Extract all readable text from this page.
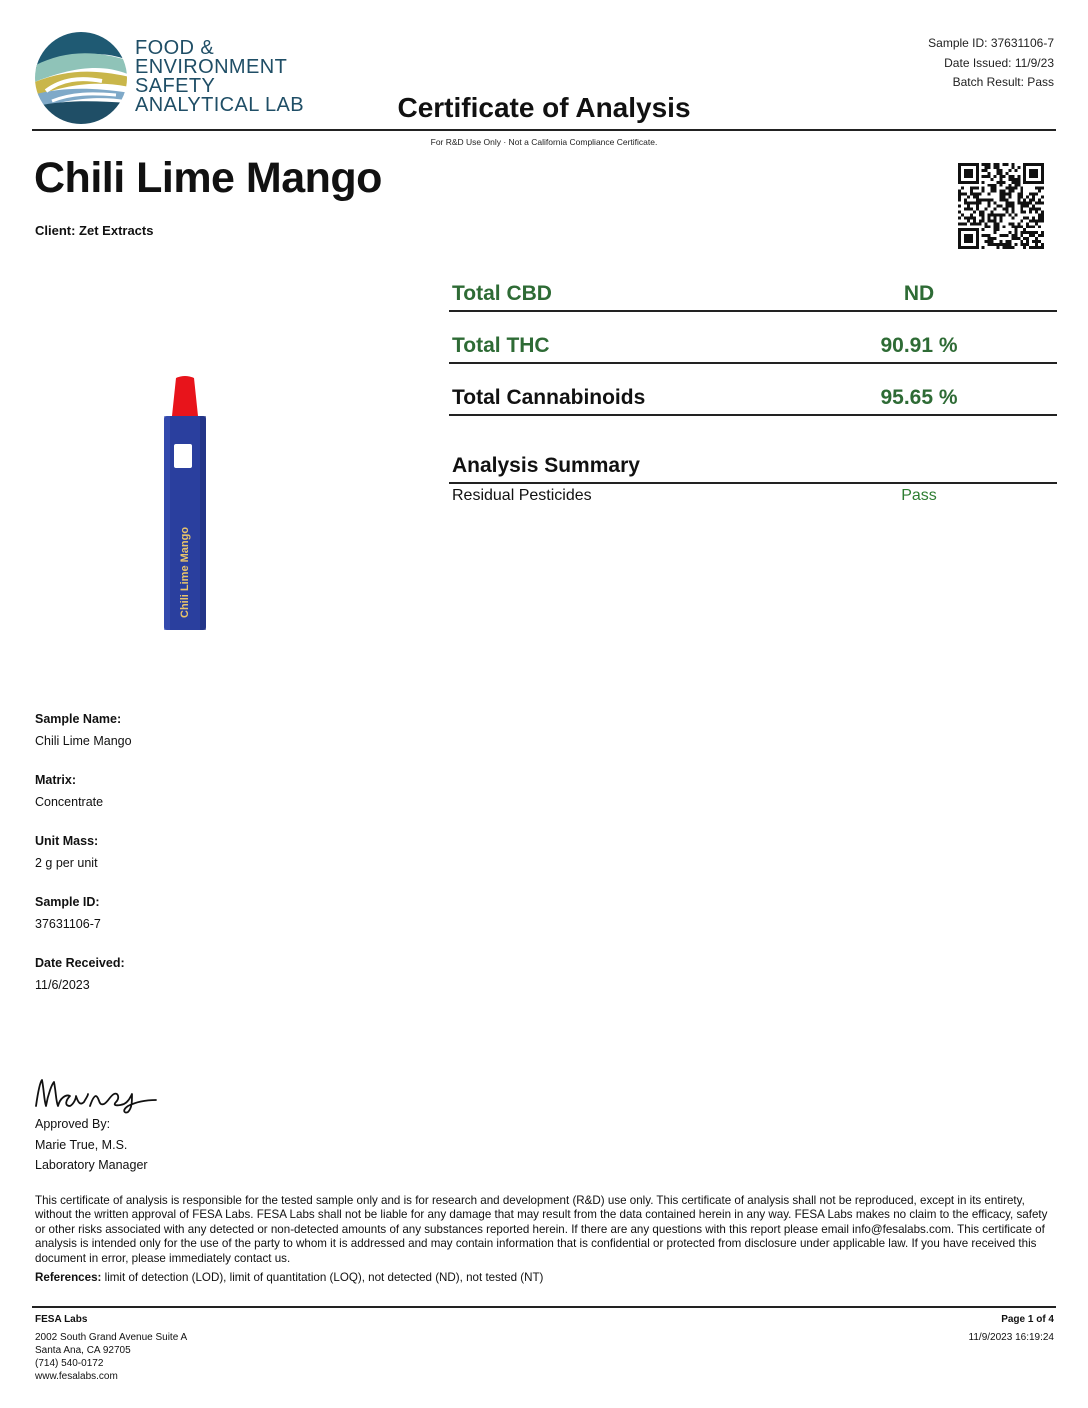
FOOD &
ENVIRONMENT
SAFETY
ANALYTICAL LAB	Certificate of Analysis
Sample ID: 37631106-7
Date Issued: 11/9/23
Batch Result: Pass
For R&D Use Only · Not a California Compliance Certificate.
Chili Lime Mango
Client: Zet Extracts
Chili Lime Mango
Total CBD	ND
Total THC	90.91 %
Total Cannabinoids	95.65 %
Analysis Summary
Residual Pesticides	Pass
Sample Name:
Chili Lime Mango
Matrix:
Concentrate
Unit Mass:
2 g per unit
Sample ID:
37631106-7
Date Received:
11/6/2023
Approved By:
Marie True, M.S.
Laboratory Manager
This certificate of analysis is responsible for the tested sample only and is for research and development (R&D) use only. This certificate of analysis shall not be reproduced, except in its entirety, without the written approval of FESA Labs. FESA Labs shall not be liable for any damage that may result from the data contained herein in any way. FESA Labs makes no claim to the efficacy, safety or other risks associated with any detected or non-detected amounts of any substances reported herein. If there are any questions with this report please email info@fesalabs.com. This certificate of analysis is intended only for the use of the party to whom it is addressed and may contain information that is confidential or protected from disclosure under applicable law. If you have received this document in error, please immediately contact us.
References: limit of detection (LOD), limit of quantitation (LOQ), not detected (ND), not tested (NT)
FESA Labs
2002 South Grand Avenue Suite A
Santa Ana, CA 92705
(714) 540-0172
www.fesalabs.com
Page 1 of 4
11/9/2023 16:19:24
